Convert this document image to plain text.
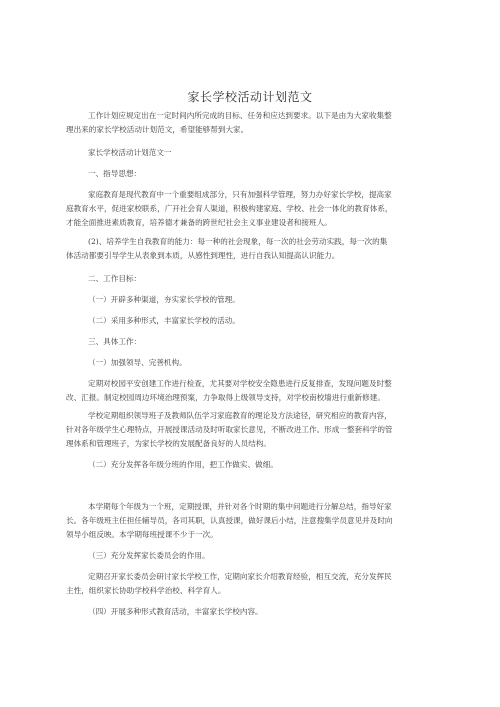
家长学校活动计划范文
工作计划应规定出在一定时间内所完成的目标、任务和应达到要求。以下是由为大家收集整
理出来的家长学校活动计划范文，希望能够帮到大家。
家长学校活动计划范文一
一、指导思想：
家庭教育是现代教育中一个重要组成部分，只有加强科学管理，努力办好家长学校，提高家
庭教育水平，促进家校联系，广开社会育人渠道，积极构建家庭、学校、社会一体化的教育体系，
才能全面推进素质教育，培养德才兼备的跨世纪社会主义事业建设者和接班人。
(2)、培养学生自我教育的能力：每一种的社会现象，每一次的社会劳动实践，每一次的集
体活动都要引导学生从表象到本质，从感性到理性，进行自我认知提高认识能力。
二、工作目标：
（一）开辟多种渠道，夯实家长学校的管理。
（二）采用多种形式，丰富家长学校的活动。
三、具体工作：
（一）加强领导、完善机构。
定期对校园平安创建工作进行检查，尤其要对学校安全隐患进行反复排查，发现问题及时整
改、汇报。制定校园周边环境治理预案，力争取得上级领导支持，对学校南校墙进行重新修建。
学校定期组织领导班子及教师队伍学习家庭教育的理论及方法途径，研究相应的教育内容，
针对各年级学生心理特点，开展授课活动及时听取家长意见，不断改进工作。形成一整套科学的管
理体系和管理班子，为家长学校的发展配备良好的人员结构。
（二）充分发挥各年级分班的作用，把工作做实、做细。
本学期每个年级为一个班，定期授课，并针对各个时期的集中问题进行分解总结，指导好家
长。各年级班主任担任辅导员，各司其职，认真授课，做好课后小结，注意搜集学员意见并及时向
领导小组反映。本学期每班授课不少于一次。
（三）充分发挥家长委员会的作用。
定期召开家长委员会研讨家长学校工作，定期向家长介绍教育经验，相互交流，充分发挥民
主性，组织家长协助学校科学治校、科学育人。
（四）开展多种形式教育活动，丰富家长学校内容。
